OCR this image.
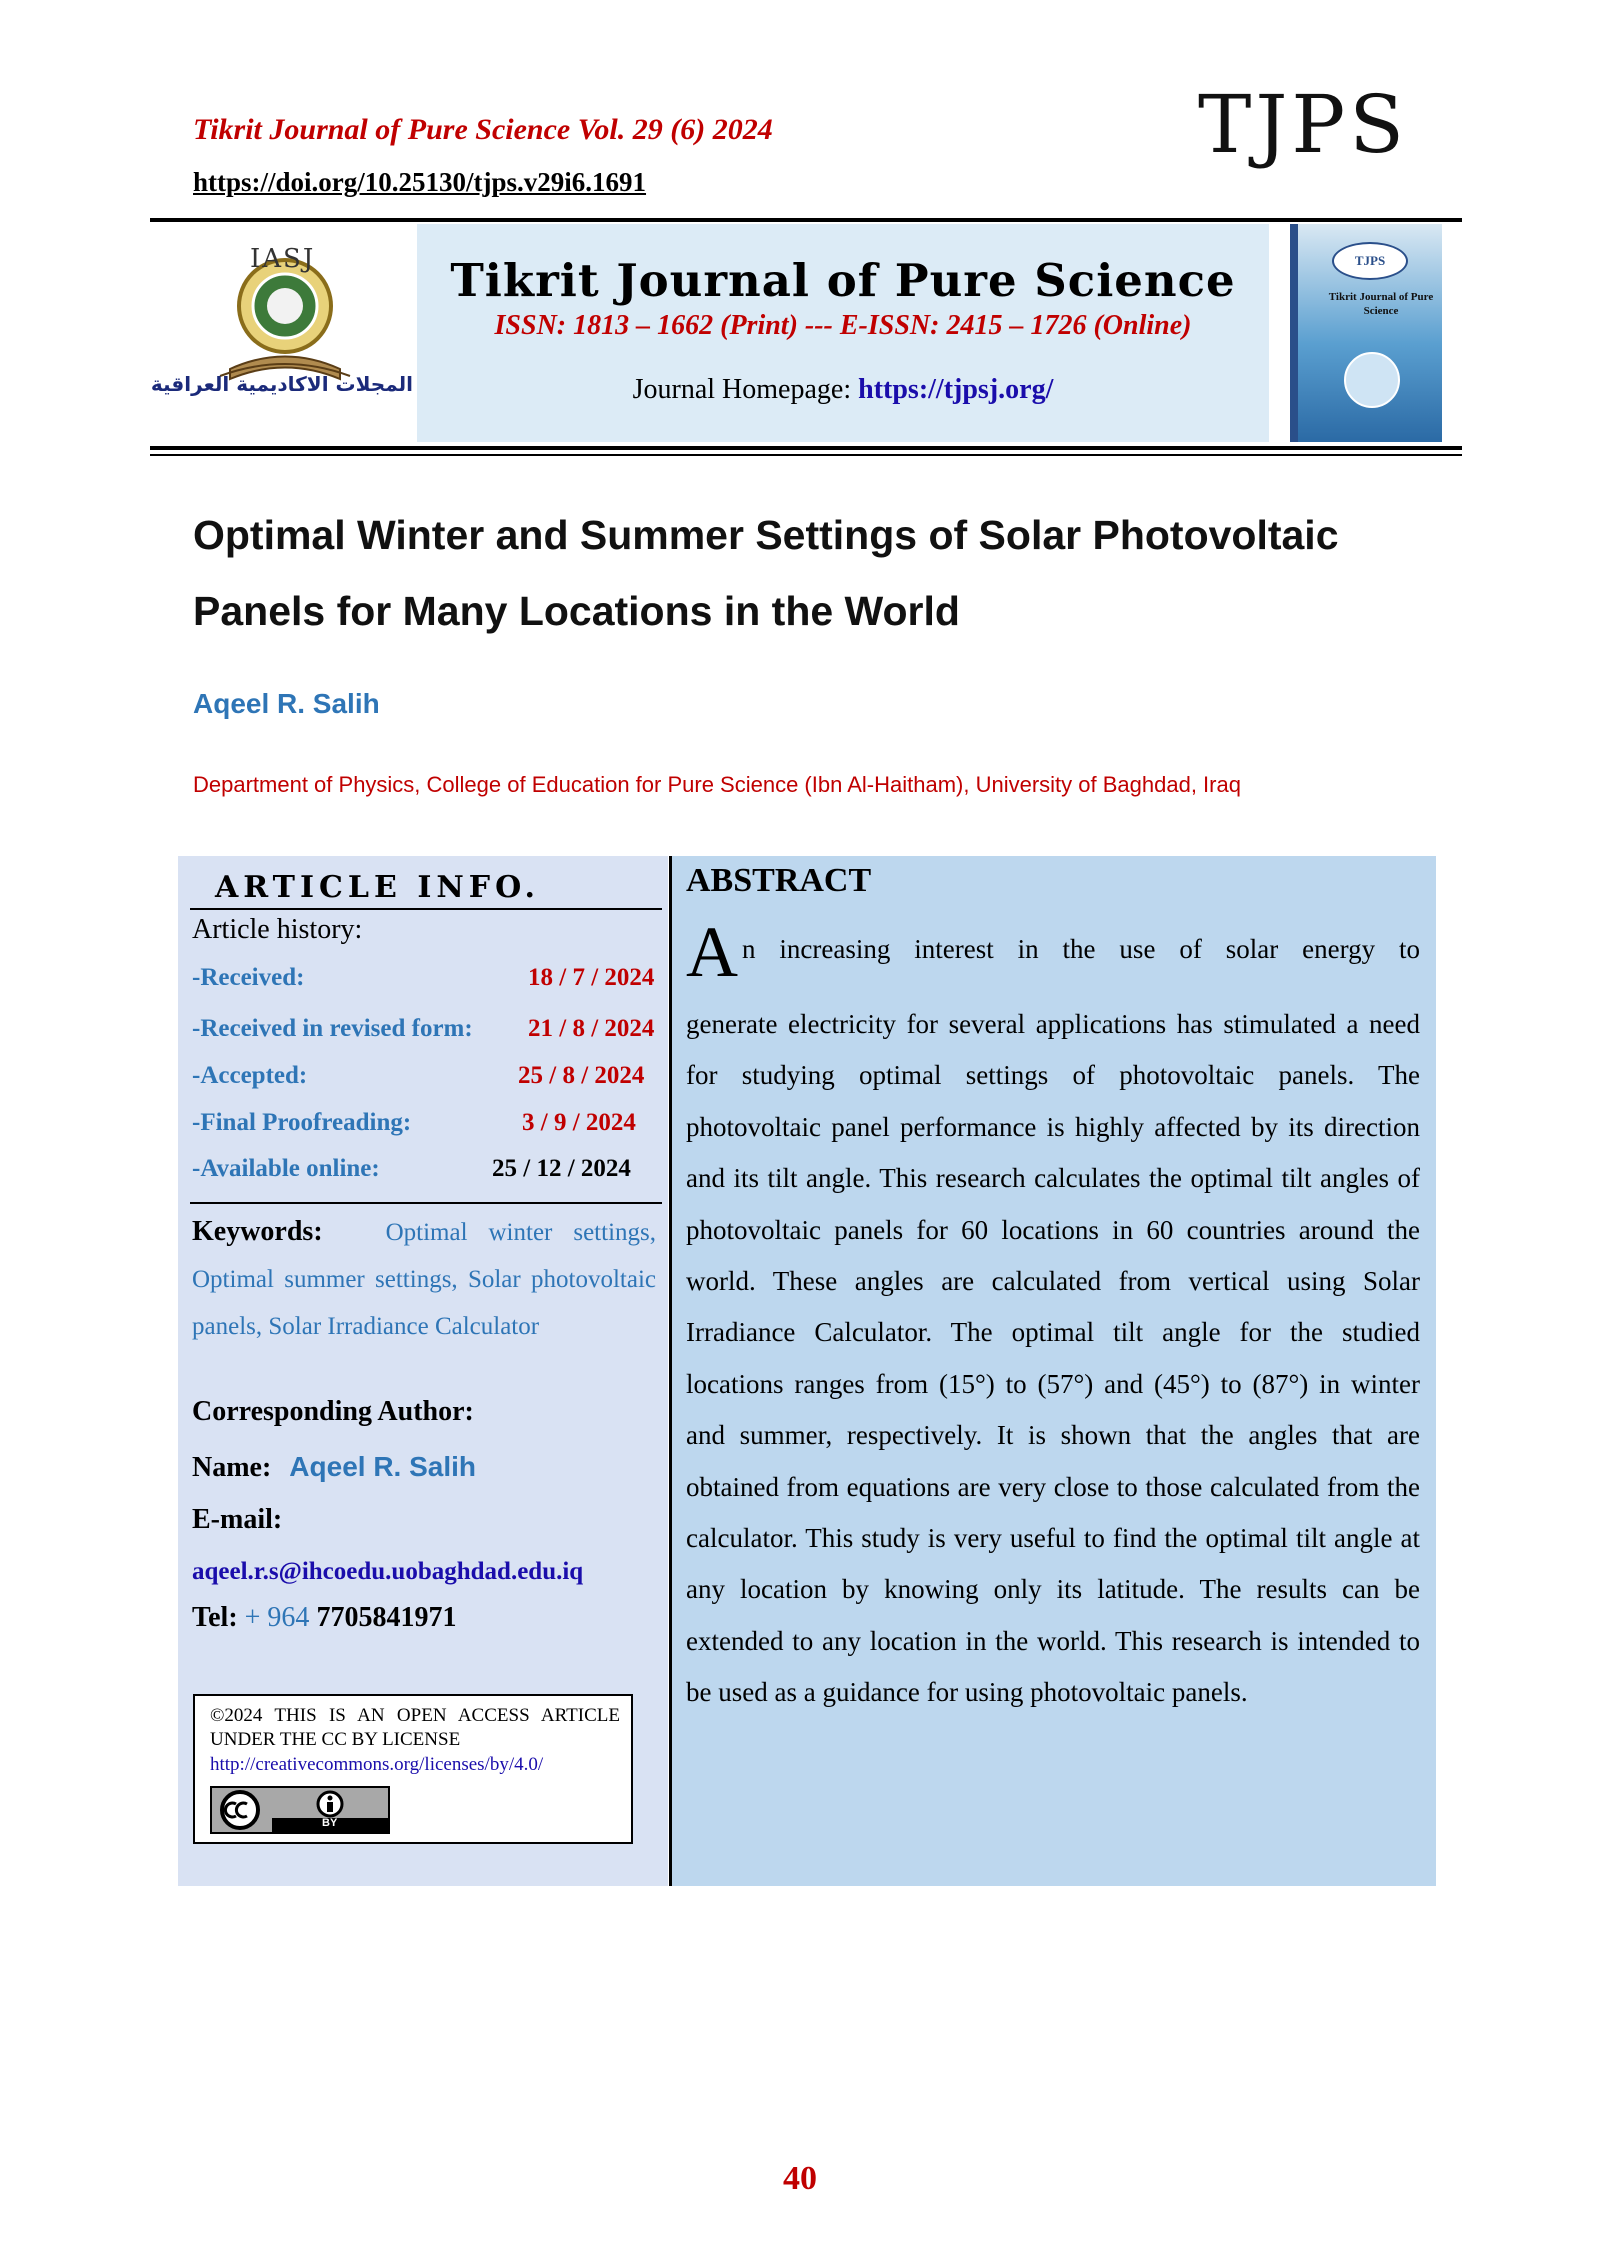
Tikrit Journal of Pure Science Vol. 29 (6) 2024
https://doi.org/10.25130/tjps.v29i6.1691
TJPS
IASJ
المجلات الاكاديمية العراقية
Tikrit Journal of Pure Science
ISSN: 1813 – 1662 (Print) --- E-ISSN: 2415 – 1726 (Online)
Journal Homepage: https://tjpsj.org/
TJPS
Tikrit Journal of Pure Science
Optimal Winter and Summer Settings of Solar Photovoltaic Panels for Many Locations in the World
Aqeel R. Salih
Department of Physics, College of Education for Pure Science (Ibn Al-Haitham), University of Baghdad, Iraq
ARTICLE INFO.
Article history:
-Received:	18 / 7 / 2024
-Received in revised form: 21 / 8 / 2024
-Accepted:	25 / 8 / 2024
-Final Proofreading:	3 / 9 / 2024
-Available online:	25 / 12 / 2024
Keywords:	Optimal winter settings, Optimal summer settings, Solar photovoltaic panels, Solar Irradiance Calculator
Corresponding Author:
Name: Aqeel R. Salih
E-mail:
aqeel.r.s@ihcoedu.uobaghdad.edu.iq
Tel: + 964 7705841971
©2024 THIS IS AN OPEN ACCESS ARTICLE UNDER THE CC BY LICENSE
http://creativecommons.org/licenses/by/4.0/
BY
ABSTRACT
A n increasing interest in the use of solar energy to
generate electricity for several applications has stimulated a need for studying optimal settings of photovoltaic panels. The photovoltaic panel performance is highly affected by its direction and its tilt angle. This research calculates the optimal tilt angles of photovoltaic panels for 60 locations in 60 countries around the world. These angles are calculated from vertical using Solar Irradiance Calculator. The optimal tilt angle for the studied locations ranges from (15°) to (57°) and (45°) to (87°) in winter and summer, respectively. It is shown that the angles that are obtained from equations are very close to those calculated from the calculator. This study is very useful to find the optimal tilt angle at any location by knowing only its latitude. The results can be extended to any location in the world. This research is intended to be used as a guidance for using photovoltaic panels.
40
